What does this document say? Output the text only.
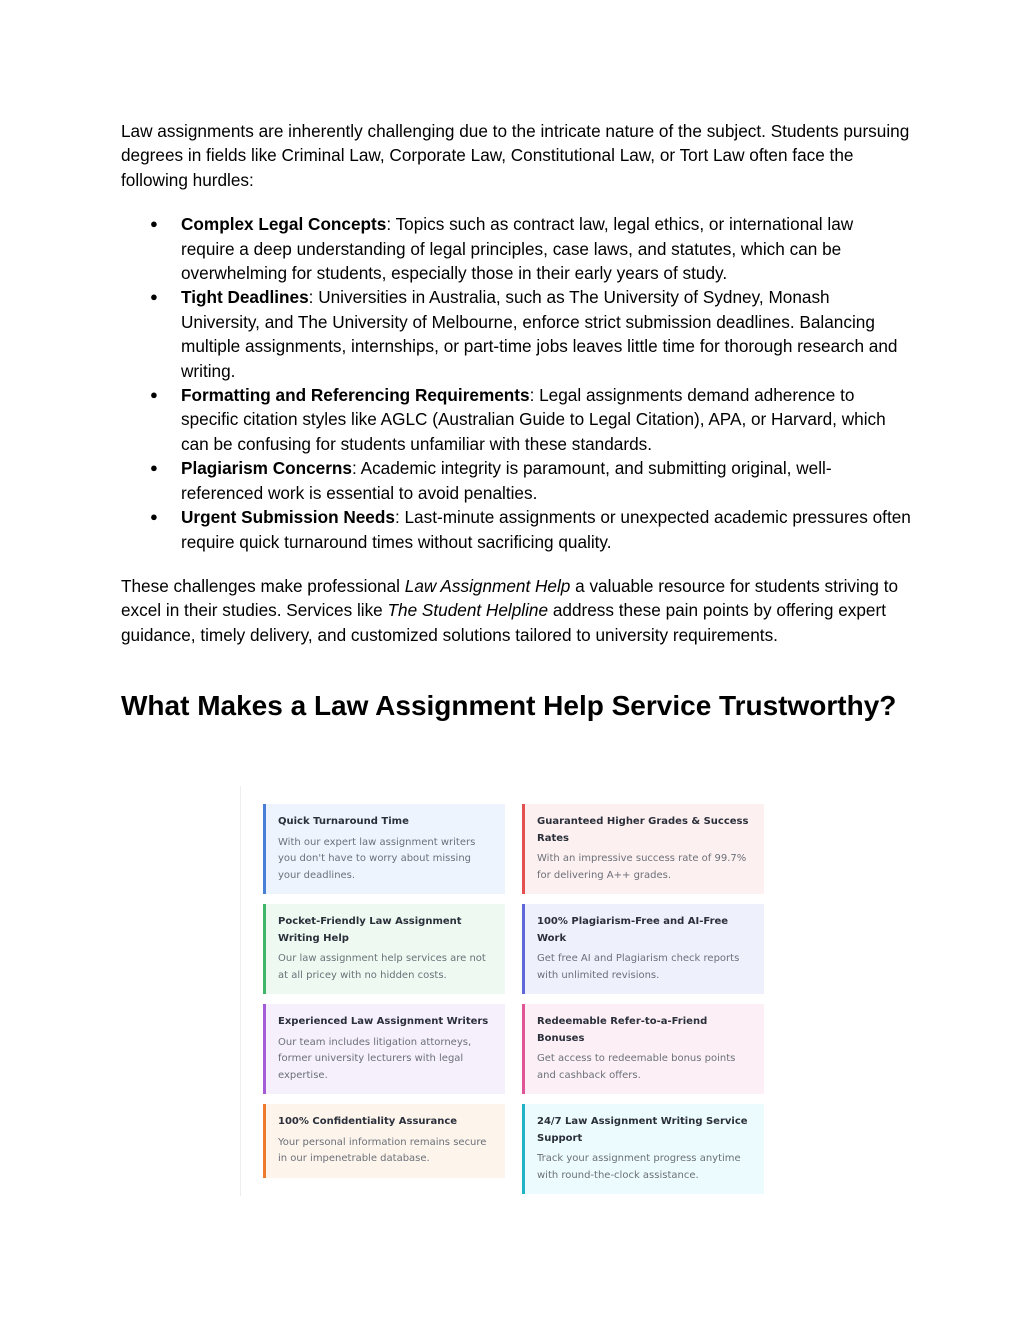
Law assignments are inherently challenging due to the intricate nature of the subject. Students pursuing degrees in fields like Criminal Law, Corporate Law, Constitutional Law, or Tort Law often face the following hurdles:

● Complex Legal Concepts: Topics such as contract law, legal ethics, or international law require a deep understanding of legal principles, case laws, and statutes, which can be overwhelming for students, especially those in their early years of study.
● Tight Deadlines: Universities in Australia, such as The University of Sydney, Monash University, and The University of Melbourne, enforce strict submission deadlines. Balancing multiple assignments, internships, or part-time jobs leaves little time for thorough research and writing.
● Formatting and Referencing Requirements: Legal assignments demand adherence to specific citation styles like AGLC (Australian Guide to Legal Citation), APA, or Harvard, which can be confusing for students unfamiliar with these standards.
● Plagiarism Concerns: Academic integrity is paramount, and submitting original, well-referenced work is essential to avoid penalties.
● Urgent Submission Needs: Last-minute assignments or unexpected academic pressures often require quick turnaround times without sacrificing quality.

These challenges make professional Law Assignment Help a valuable resource for students striving to excel in their studies. Services like The Student Helpline address these pain points by offering expert guidance, timely delivery, and customized solutions tailored to university requirements.

What Makes a Law Assignment Help Service Trustworthy?
Quick Turnaround Time
With our expert law assignment writers you don't have to worry about missing your deadlines.
Pocket-Friendly Law Assignment Writing Help
Our law assignment help services are not at all pricey with no hidden costs.
Experienced Law Assignment Writers
Our team includes litigation attorneys, former university lecturers with legal expertise.
100% Confidentiality Assurance
Your personal information remains secure in our impenetrable database.
Guaranteed Higher Grades & Success Rates
With an impressive success rate of 99.7% for delivering A++ grades.
100% Plagiarism-Free and AI-Free Work
Get free AI and Plagiarism check reports with unlimited revisions.
Redeemable Refer-to-a-Friend Bonuses
Get access to redeemable bonus points and cashback offers.
24/7 Law Assignment Writing Service Support
Track your assignment progress anytime with round-the-clock assistance.
